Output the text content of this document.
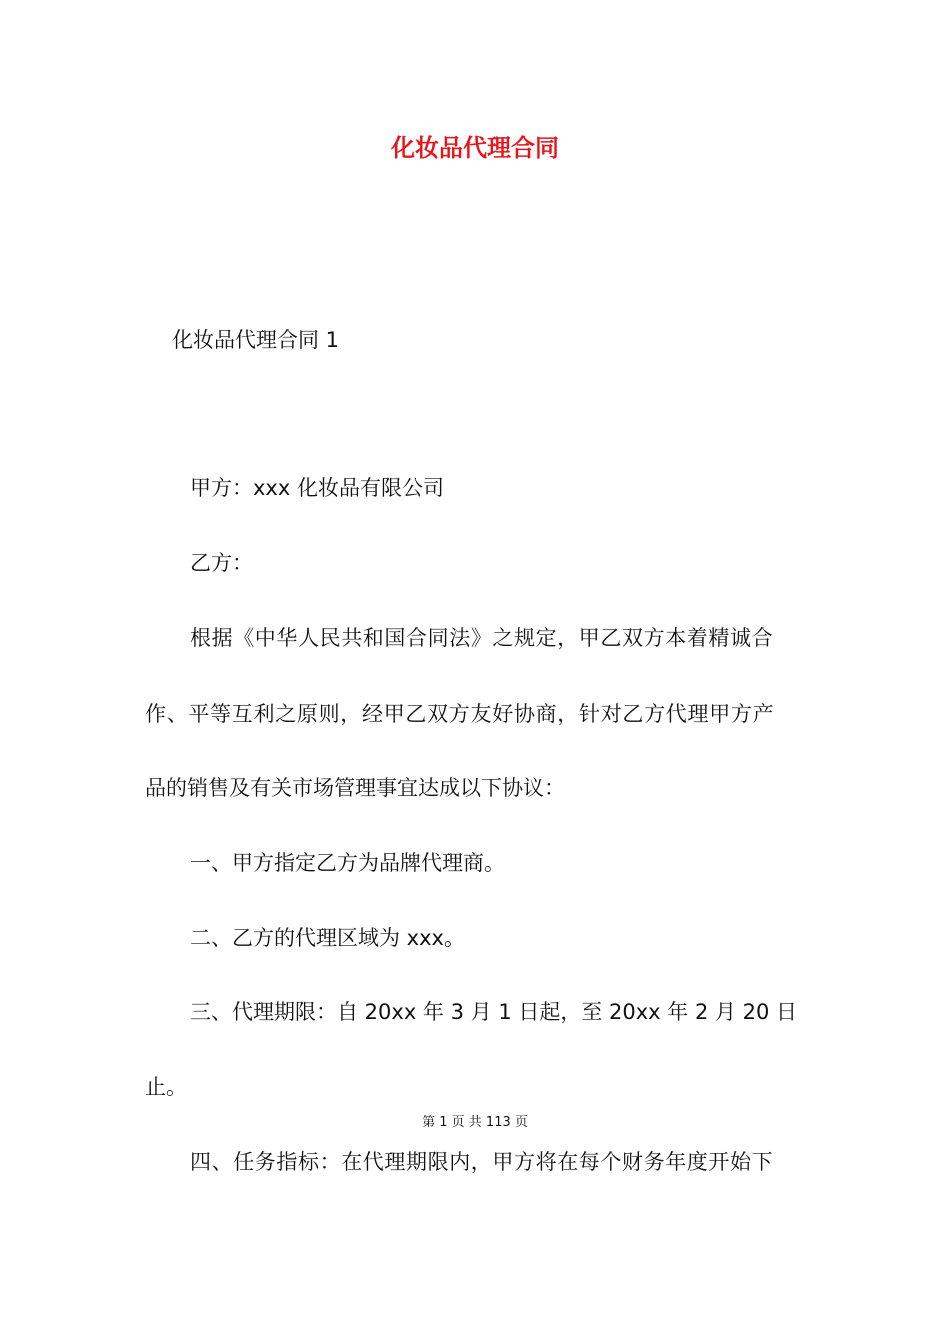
化妆品代理合同
化妆品代理合同 1
甲方：xxx 化妆品有限公司
乙方：
根据《中华人民共和国合同法》之规定，甲乙双方本着精诚合
作、平等互利之原则，经甲乙双方友好协商，针对乙方代理甲方产
品的销售及有关市场管理事宜达成以下协议：
一、甲方指定乙方为品牌代理商。
二、乙方的代理区域为 xxx。
三、代理期限：自 20xx 年 3 月 1 日起，至 20xx 年 2 月 20 日
止。
第 1 页 共 113 页
四、任务指标：在代理期限内，甲方将在每个财务年度开始下
